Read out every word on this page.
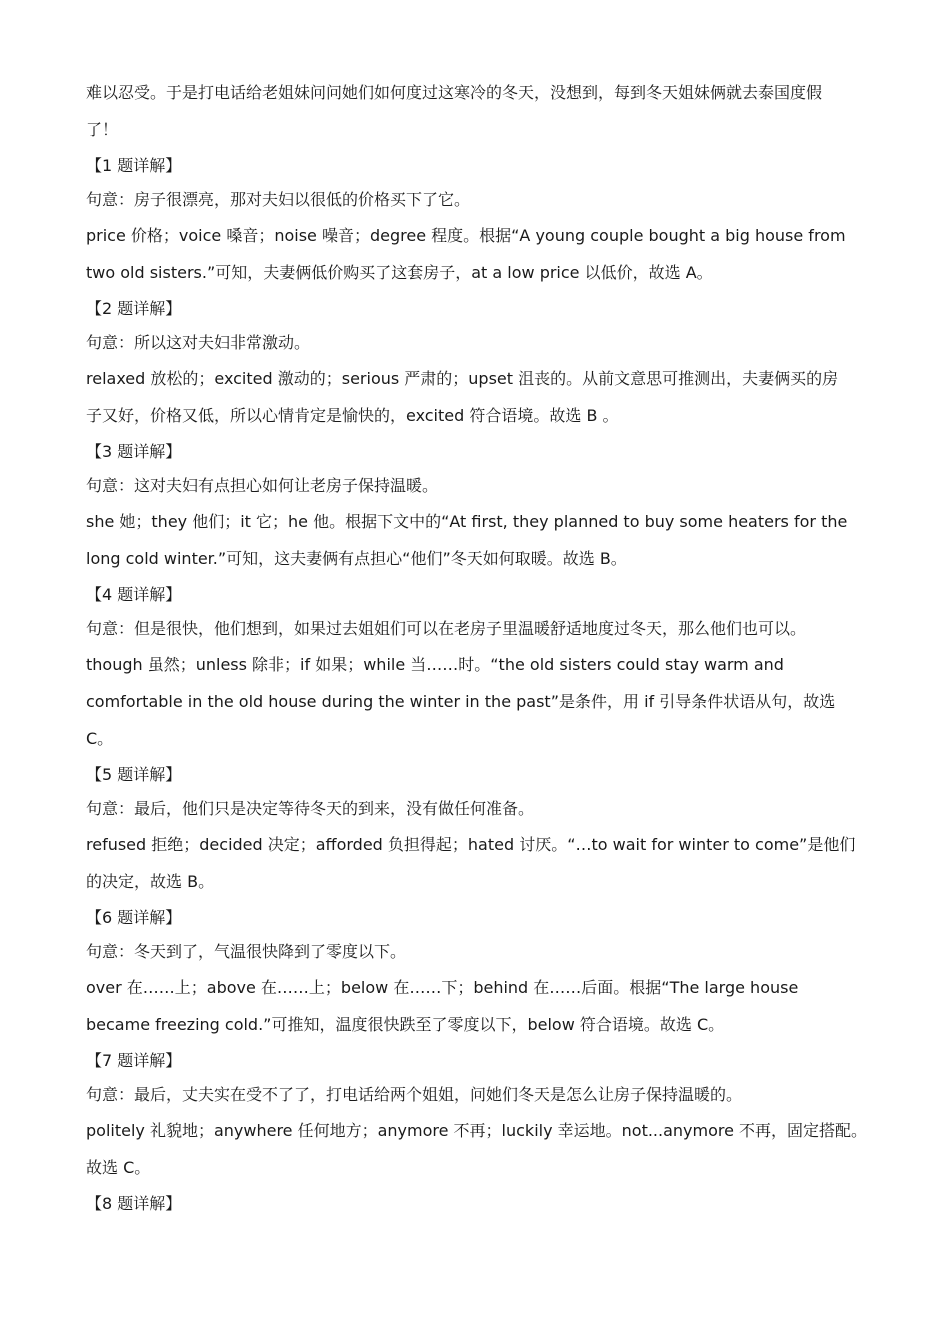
难以忍受。于是打电话给老姐妹问问她们如何度过这寒冷的冬天，没想到，每到冬天姐妹俩就去泰国度假
了！
【1 题详解】
句意：房子很漂亮，那对夫妇以很低的价格买下了它。
price 价格；voice 嗓音；noise 噪音；degree 程度。根据“A young couple bought a big house from
two old sisters.”可知，夫妻俩低价购买了这套房子，at a low price 以低价，故选 A。
【2 题详解】
句意：所以这对夫妇非常激动。
relaxed 放松的；excited 激动的；serious 严肃的；upset 沮丧的。从前文意思可推测出，夫妻俩买的房
子又好，价格又低，所以心情肯定是愉快的，excited 符合语境。故选 B 。
【3 题详解】
句意：这对夫妇有点担心如何让老房子保持温暖。
she 她；they 他们；it 它；he 他。根据下文中的“At first, they planned to buy some heaters for the
long cold winter.”可知，这夫妻俩有点担心“他们”冬天如何取暖。故选 B。
【4 题详解】
句意：但是很快，他们想到，如果过去姐姐们可以在老房子里温暖舒适地度过冬天，那么他们也可以。
though 虽然；unless 除非；if 如果；while 当……时。“the old sisters could stay warm and
comfortable in the old house during the winter in the past”是条件，用 if 引导条件状语从句，故选
C。
【5 题详解】
句意：最后，他们只是决定等待冬天的到来，没有做任何准备。
refused 拒绝；decided 决定；afforded 负担得起；hated 讨厌。“…to wait for winter to come”是他们
的决定，故选 B。
【6 题详解】
句意：冬天到了，气温很快降到了零度以下。
over 在……上；above 在……上；below 在……下；behind 在……后面。根据“The large house
became freezing cold.”可推知，温度很快跌至了零度以下，below 符合语境。故选 C。
【7 题详解】
句意：最后，丈夫实在受不了了，打电话给两个姐姐，问她们冬天是怎么让房子保持温暖的。
politely 礼貌地；anywhere 任何地方；anymore 不再；luckily 幸运地。not...anymore 不再，固定搭配。
故选 C。
【8 题详解】
